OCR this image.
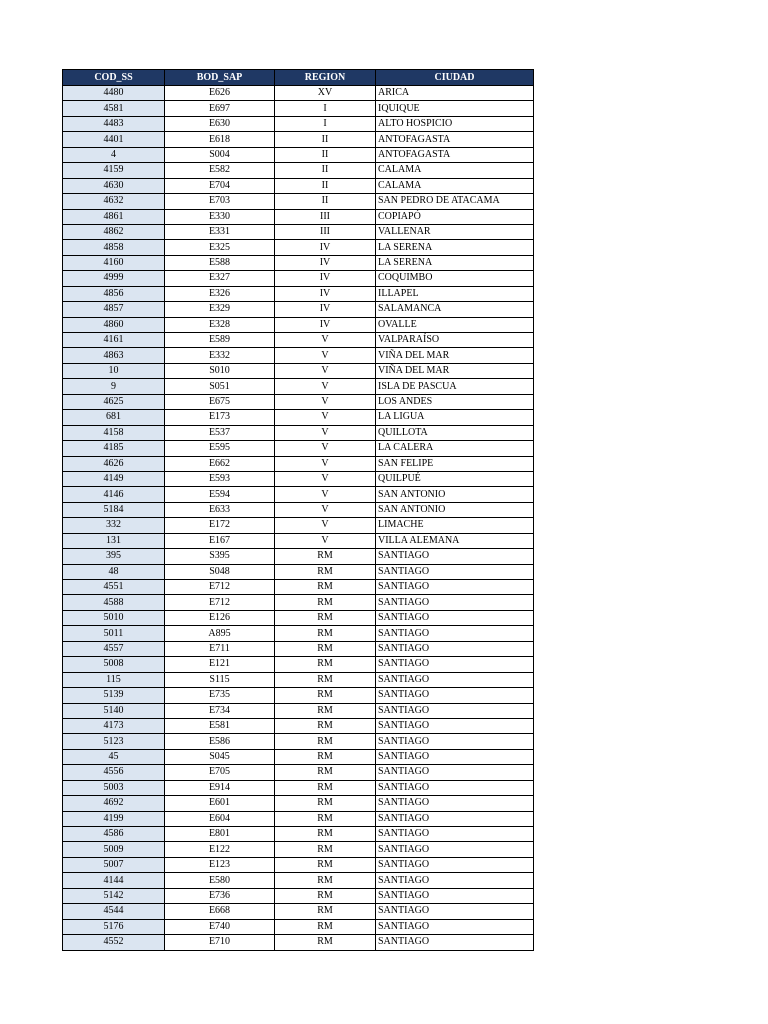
COD_SS	BOD_SAP	REGION	CIUDAD
4480	E626	XV	ARICA
4581	E697	I	IQUIQUE
4483	E630	I	ALTO HOSPICIO
4401	E618	II	ANTOFAGASTA
4	S004	II	ANTOFAGASTA
4159	E582	II	CALAMA
4630	E704	II	CALAMA
4632	E703	II	SAN PEDRO DE ATACAMA
4861	E330	III	COPIAPÓ
4862	E331	III	VALLENAR
4858	E325	IV	LA SERENA
4160	E588	IV	LA SERENA
4999	E327	IV	COQUIMBO
4856	E326	IV	ILLAPEL
4857	E329	IV	SALAMANCA
4860	E328	IV	OVALLE
4161	E589	V	VALPARAÍSO
4863	E332	V	VIÑA DEL MAR
10	S010	V	VIÑA DEL MAR
9	S051	V	ISLA DE PASCUA
4625	E675	V	LOS ANDES
681	E173	V	LA LIGUA
4158	E537	V	QUILLOTA
4185	E595	V	LA CALERA
4626	E662	V	SAN FELIPE
4149	E593	V	QUILPUÉ
4146	E594	V	SAN ANTONIO
5184	E633	V	SAN ANTONIO
332	E172	V	LIMACHE
131	E167	V	VILLA ALEMANA
395	S395	RM	SANTIAGO
48	S048	RM	SANTIAGO
4551	E712	RM	SANTIAGO
4588	E712	RM	SANTIAGO
5010	E126	RM	SANTIAGO
5011	A895	RM	SANTIAGO
4557	E711	RM	SANTIAGO
5008	E121	RM	SANTIAGO
115	S115	RM	SANTIAGO
5139	E735	RM	SANTIAGO
5140	E734	RM	SANTIAGO
4173	E581	RM	SANTIAGO
5123	E586	RM	SANTIAGO
45	S045	RM	SANTIAGO
4556	E705	RM	SANTIAGO
5003	E914	RM	SANTIAGO
4692	E601	RM	SANTIAGO
4199	E604	RM	SANTIAGO
4586	E801	RM	SANTIAGO
5009	E122	RM	SANTIAGO
5007	E123	RM	SANTIAGO
4144	E580	RM	SANTIAGO
5142	E736	RM	SANTIAGO
4544	E668	RM	SANTIAGO
5176	E740	RM	SANTIAGO
4552	E710	RM	SANTIAGO
